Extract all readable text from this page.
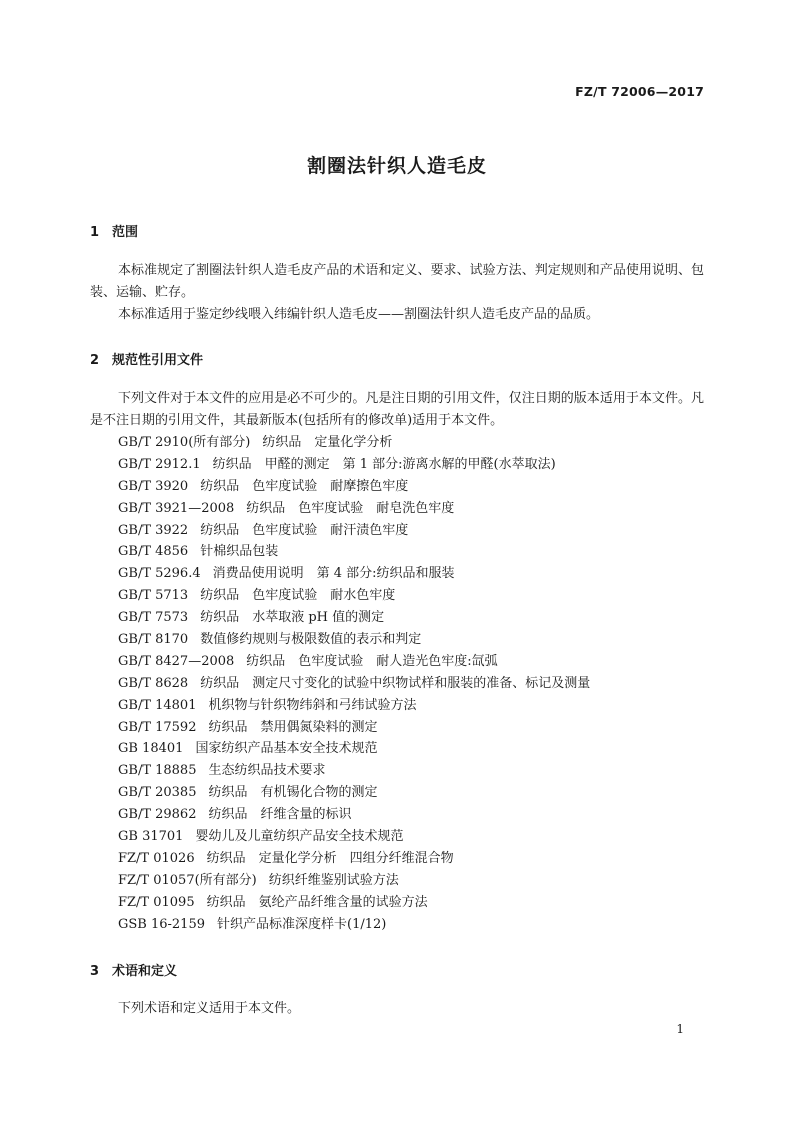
FZ/T 72006—2017
割圈法针织人造毛皮
1 范围

本标准规定了割圈法针织人造毛皮产品的术语和定义、要求、试验方法、判定规则和产品使用说明、包装、运输、贮存。

本标准适用于鉴定纱线喂入纬编针织人造毛皮——割圈法针织人造毛皮产品的品质。

2 规范性引用文件

下列文件对于本文件的应用是必不可少的。凡是注日期的引用文件，仅注日期的版本适用于本文件。凡是不注日期的引用文件，其最新版本(包括所有的修改单)适用于本文件。

GB/T 2910(所有部分) 纺织品　定量化学分析
GB/T 2912.1 纺织品　甲醛的测定　第 1 部分:游离水解的甲醛(水萃取法)
GB/T 3920 纺织品　色牢度试验　耐摩擦色牢度
GB/T 3921—2008 纺织品　色牢度试验　耐皂洗色牢度
GB/T 3922 纺织品　色牢度试验　耐汗渍色牢度
GB/T 4856 针棉织品包装
GB/T 5296.4 消费品使用说明　第 4 部分:纺织品和服装
GB/T 5713 纺织品　色牢度试验　耐水色牢度
GB/T 7573 纺织品　水萃取液 pH 值的测定
GB/T 8170 数值修约规则与极限数值的表示和判定
GB/T 8427—2008 纺织品　色牢度试验　耐人造光色牢度:氙弧
GB/T 8628 纺织品　测定尺寸变化的试验中织物试样和服装的准备、标记及测量
GB/T 14801 机织物与针织物纬斜和弓纬试验方法
GB/T 17592 纺织品　禁用偶氮染料的测定
GB 18401 国家纺织产品基本安全技术规范
GB/T 18885 生态纺织品技术要求
GB/T 20385 纺织品　有机锡化合物的测定
GB/T 29862 纺织品　纤维含量的标识
GB 31701 婴幼儿及儿童纺织产品安全技术规范
FZ/T 01026 纺织品　定量化学分析　四组分纤维混合物
FZ/T 01057(所有部分) 纺织纤维鉴别试验方法
FZ/T 01095 纺织品　氨纶产品纤维含量的试验方法
GSB 16-2159 针织产品标准深度样卡(1/12)
3 术语和定义

下列术语和定义适用于本文件。

1
